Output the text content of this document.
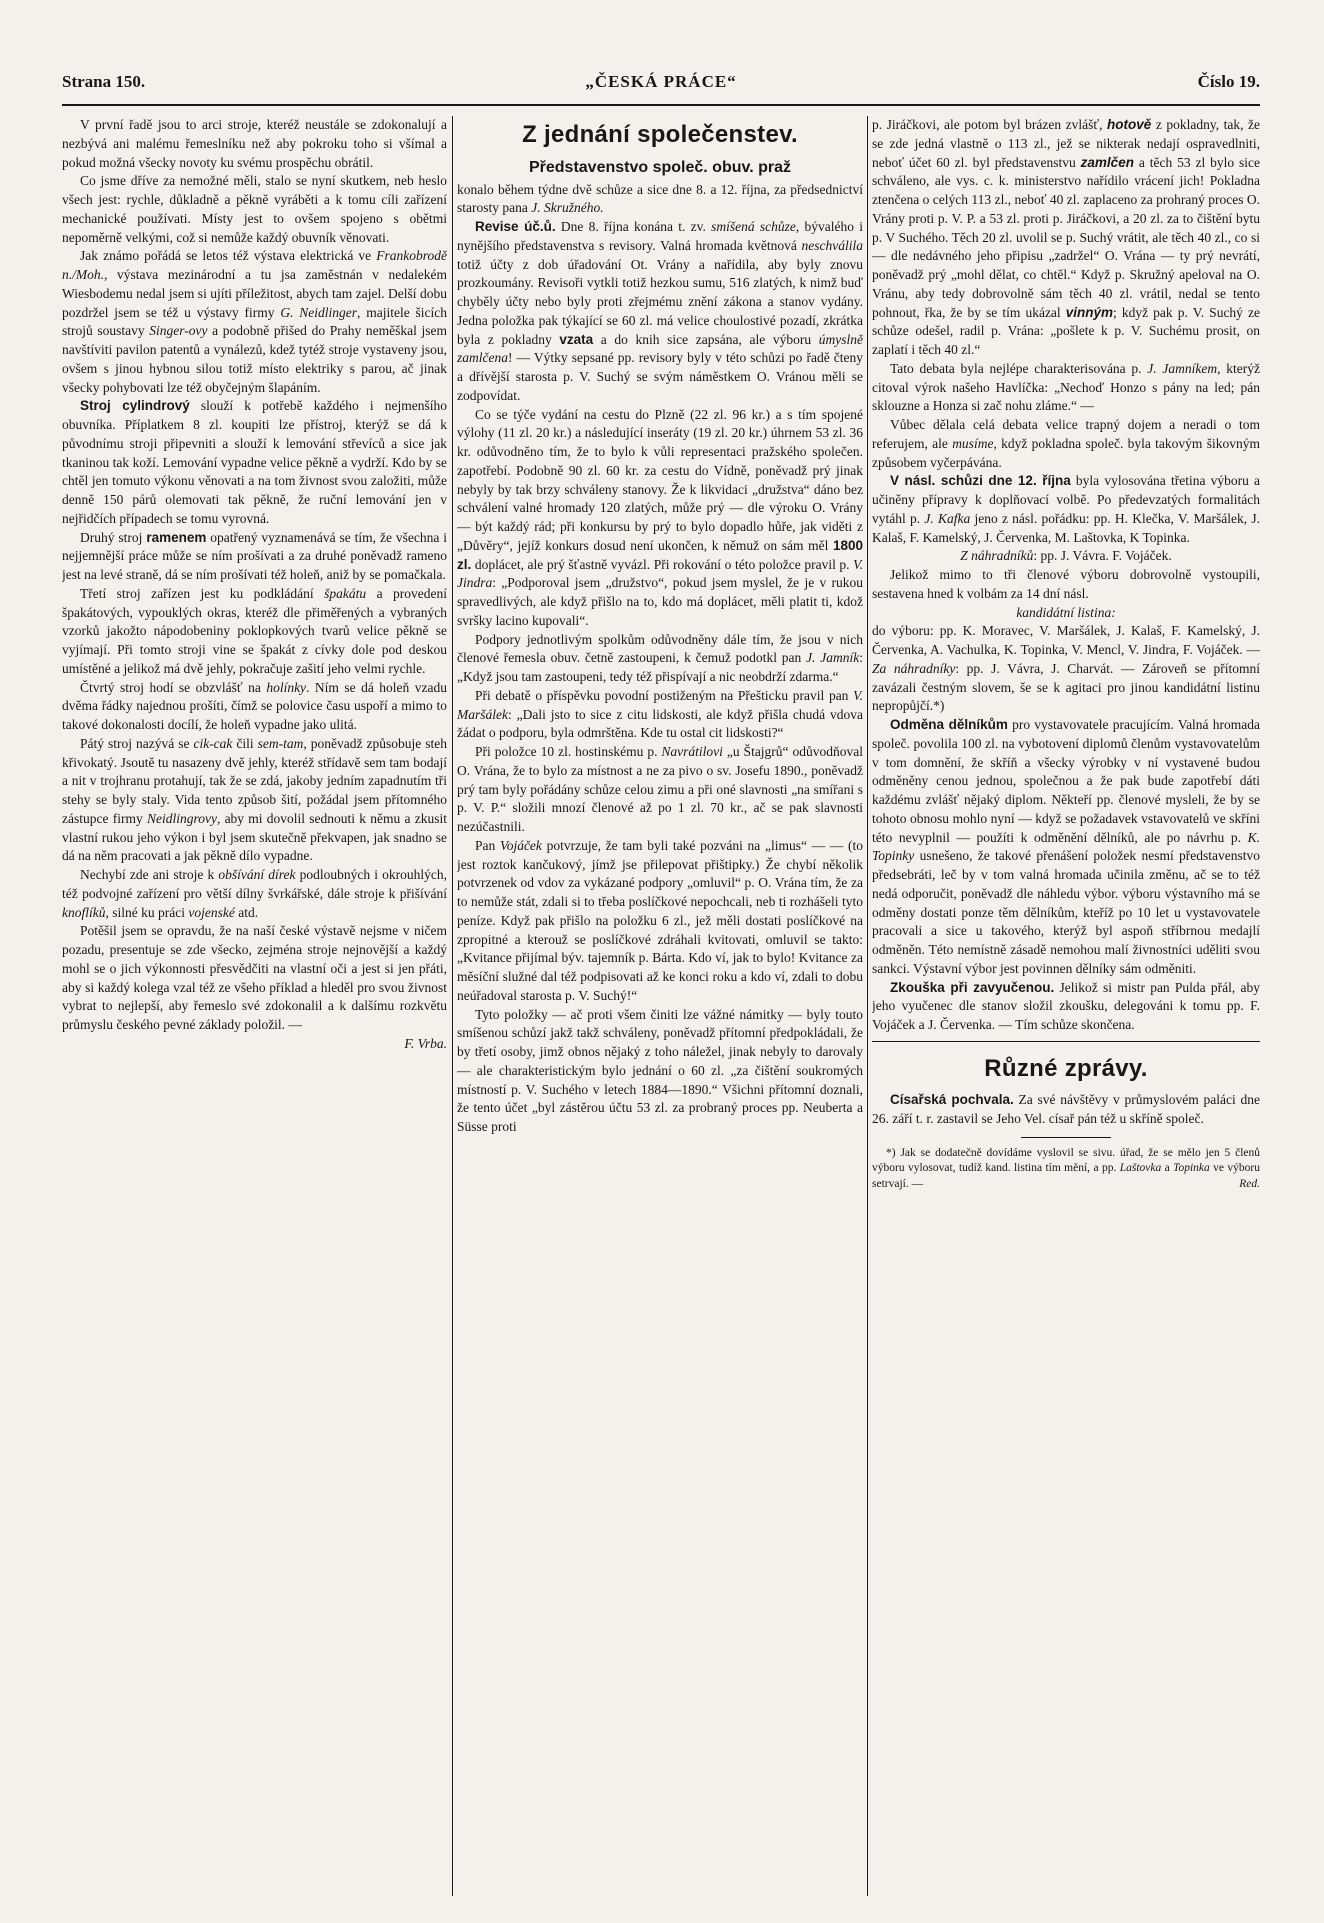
Strana 150.	„ČESKÁ PRÁCE“	Číslo 19.

V první řadě jsou to arci stroje, kteréž neustále se zdokonalují a nezbývá ani malému řemeslníku než aby pokroku toho si všímal a pokud možná všecky novoty ku svému prospěchu obrátil.

Co jsme dříve za nemožné měli, stalo se nyní skutkem, neb heslo všech jest: rychle, důkladně a pěkně vyráběti a k tomu cíli zařízení mechanické používati. Místy jest to ovšem spojeno s obětmi nepoměrně velkými, což si nemůže každý obuvník věnovati.

Jak známo pořádá se letos též výstava elektrická ve Frankobrodě n./Moh., výstava mezinárodní a tu jsa zaměstnán v nedalekém Wiesbodemu nedal jsem si ujíti příležitost, abych tam zajel. Delší dobu pozdržel jsem se též u výstavy firmy G. Neidlinger, majitele šicích strojů soustavy Singer-ovy a podobně přišed do Prahy neměškal jsem navštíviti pavilon patentů a vynálezů, kdež tytéž stroje vystaveny jsou, ovšem s jinou hybnou silou totiž místo elektriky s parou, ač jinak všecky pohybovati lze též obyčejným šlapáním.

Stroj cylindrový slouží k potřebě každého i nejmenšího obuvníka. Příplatkem 8 zl. koupiti lze přístroj, kterýž se dá k původnímu stroji připevniti a slouží k lemování střevíců a sice jak tkaninou tak koží. Lemování vypadne velice pěkně a vydrží. Kdo by se chtěl jen tomuto výkonu věnovati a na tom živnost svou založiti, může denně 150 párů olemovati tak pěkně, že ruční lemování jen v nejřidčích případech se tomu vyrovná.

Druhý stroj ramenem opatřený vyznamenává se tím, že všechna i nejjemnější práce může se ním prošívati a za druhé poněvadž rameno jest na levé straně, dá se ním prošívati též holeň, aniž by se pomačkala.

Třetí stroj zařízen jest ku podkládání špakátu a provedení špakátových, vypouklých okras, kteréž dle přiměřených a vybraných vzorků jakožto nápodobeniny poklopkových tvarů velice pěkně se vyjímají. Při tomto stroji vine se špakát z cívky dole pod deskou umístěné a jelikož má dvě jehly, pokračuje zašití jeho velmi rychle.

Čtvrtý stroj hodí se obzvlášť na holínky. Ním se dá holeň vzadu dvěma řádky najednou prošíti, čímž se polovice času uspoří a mimo to takové dokonalosti docílí, že holeň vypadne jako ulitá.

Pátý stroj nazývá se cik-cak čili sem-tam, poněvadž způsobuje steh křivokatý. Jsoutě tu nasazeny dvě jehly, kteréž střídavě sem tam bodají a nit v trojhranu protahují, tak že se zdá, jakoby jedním zapadnutím tři stehy se byly staly. Vida tento způsob šití, požádal jsem přítomného zástupce firmy Neidlingrovy, aby mi dovolil sednouti k němu a zkusit vlastní rukou jeho výkon i byl jsem skutečně překvapen, jak snadno se dá na něm pracovati a jak pěkně dílo vypadne.

Nechybí zde ani stroje k obšívání dírek podloubných i okrouhlých, též podvojné zařízení pro větší dílny švrkářské, dále stroje k přišívání knoflíků, silné ku práci vojenské atd.

Potěšil jsem se opravdu, že na naší české výstavě nejsme v ničem pozadu, presentuje se zde všecko, zejména stroje nejnovější a každý mohl se o jich výkonnosti přesvědčiti na vlastní oči a jest si jen přáti, aby si každý kolega vzal též ze všeho příklad a hleděl pro svou živnost vybrat to nejlepší, aby řemeslo své zdokonalil a k dalšímu rozkvětu průmyslu českého pevné základy položil. —

F. Vrba.

Z jednání společenstev.
Představenstvo společ. obuv. praž

konalo během týdne dvě schůze a sice dne 8. a 12. října, za předsednictví starosty pana J. Skružného.

Revise úč.ů. Dne 8. října konána t. zv. smíšená schůze, bývalého i nynějšího představenstva s revisory. Valná hromada květnová neschválila totiž účty z dob úřadování Ot. Vrány a nařídila, aby byly znovu prozkoumány. Revisoři vytkli totiž hezkou sumu, 516 zlatých, k nimž buď chyběly účty nebo byly proti zřejmému znění zákona a stanov vydány. Jedna položka pak týkající se 60 zl. má velice choulostivé pozadí, zkrátka byla z pokladny vzata a do knih sice zapsána, ale výboru úmyslně zamlčena! — Výtky sepsané pp. revisory byly v této schůzi po řadě čteny a dřívější starosta p. V. Suchý se svým náměstkem O. Vránou měli se zodpovídat.

Co se týče vydání na cestu do Plzně (22 zl. 96 kr.) a s tím spojené výlohy (11 zl. 20 kr.) a následující inseráty (19 zl. 20 kr.) úhrnem 53 zl. 36 kr. odůvodněno tím, že to bylo k vůli representaci pražského společen. zapotřebí. Podobně 90 zl. 60 kr. za cestu do Vídně, poněvadž prý jinak nebyly by tak brzy schváleny stanovy. Že k likvidaci „družstva“ dáno bez schválení valné hromady 120 zlatých, může prý — dle výroku O. Vrány — být každý rád; při konkursu by prý to bylo dopadlo hůře, jak viděti z „Důvěry“, jejíž konkurs dosud není ukončen, k němuž on sám měl 1800 zl. doplácet, ale prý šťastně vyvázl. Při rokování o této položce pravil p. V. Jindra: „Podporoval jsem „družstvo“, pokud jsem myslel, že je v rukou spravedlivých, ale když přišlo na to, kdo má doplácet, měli platit ti, kdož svršky lacino kupovali“.

Podpory jednotlivým spolkům odůvodněny dále tím, že jsou v nich členové řemesla obuv. četně zastoupeni, k čemuž podotkl pan J. Jamník: „Když jsou tam zastoupeni, tedy též přispívají a nic neobdrží zdarma.“

Při debatě o příspěvku povodní postiženým na Přešticku pravil pan V. Maršálek: „Dali jsto to sice z citu lidskosti, ale když přišla chudá vdova žádat o podporu, byla odmrštěna. Kde tu ostal cit lidskosti?“

Při položce 10 zl. hostinskému p. Navrátilovi „u Štajgrů“ odůvodňoval O. Vrána, že to bylo za místnost a ne za pivo o sv. Josefu 1890., poněvadž prý tam byly pořádány schůze celou zimu a při oné slavnosti „na smířani s p. V. P.“ složili mnozí členové až po 1 zl. 70 kr., ač se pak slavnosti nezúčastnili.

Pan Vojáček potvrzuje, že tam byli také pozváni na „limus“ — — (to jest roztok kančukový, jímž jse přilepovat přištipky.) Že chybí několik potvrzenek od vdov za vykázané podpory „omluvil“ p. O. Vrána tím, že za to nemůže stát, zdali si to třeba poslíčkové nepochcali, neb ti rozhášeli tyto peníze. Když pak přišlo na položku 6 zl., jež měli dostati poslíčkové na zpropitné a kterouž se poslíčkové zdráhali kvitovati, omluvil se takto: „Kvitance přijímal býv. tajemník p. Bárta. Kdo ví, jak to bylo! Kvitance za měsíční služné dal též podpisovati až ke konci roku a kdo ví, zdali to dobu neúřadoval starosta p. V. Suchý!“

Tyto položky — ač proti všem činiti lze vážné námitky — byly touto smíšenou schůzí jakž takž schváleny, poněvadž přítomní předpokládali, že by třetí osoby, jimž obnos nějaký z toho náležel, jinak nebyly to darovaly — ale charakteristickým bylo jednání o 60 zl. „za čištění soukromých místností p. V. Suchého v letech 1884—1890.“ Všichni přítomní doznali, že tento účet „byl zástěrou účtu 53 zl. za probraný proces pp. Neuberta a Süsse proti

p. Jiráčkovi, ale potom byl brázen zvlášť, hotově z pokladny, tak, že se zde jedná vlastně o 113 zl., jež se nikterak nedají ospravedlniti, neboť účet 60 zl. byl představenstvu zamlčen a těch 53 zl bylo sice schváleno, ale vys. c. k. ministerstvo nařídilo vrácení jich! Pokladna ztenčena o celých 113 zl., neboť 40 zl. zaplaceno za prohraný proces O. Vrány proti p. V. P. a 53 zl. proti p. Jiráčkovi, a 20 zl. za to čištění bytu p. V Suchého. Těch 20 zl. uvolil se p. Suchý vrátit, ale těch 40 zl., co si — dle nedávného jeho připisu „zadržel“ O. Vrána — ty prý nevrátí, poněvadž prý „mohl dělat, co chtěl.“ Když p. Skružný apeloval na O. Vránu, aby tedy dobrovolně sám těch 40 zl. vrátil, nedal se tento pohnout, řka, že by se tím ukázal vinným; když pak p. V. Suchý ze schůze odešel, radil p. Vrána: „pošlete k p. V. Suchému prosit, on zaplatí i těch 40 zl.“

Tato debata byla nejlépe charakterisována p. J. Jamníkem, kterýž citoval výrok našeho Havlíčka: „Nechoď Honzo s pány na led; pán sklouzne a Honza si zač nohu zláme.“ —

Vůbec dělala celá debata velice trapný dojem a neradi o tom referujem, ale musíme, když pokladna společ. byla takovým šikovným způsobem vyčerpávána.

V násl. schůzi dne 12. října byla vylosována třetina výboru a učiněny přípravy k doplňovací volbě. Po předevzatých formalitách vytáhl p. J. Kafka jeno z násl. pořádku: pp. H. Klečka, V. Maršálek, J. Kalaš, F. Kamelský, J. Červenka, M. Laštovka, K Topinka.

Z náhradníků: pp. J. Vávra. F. Vojáček.

Jelikož mimo to tři členové výboru dobrovolně vystoupili, sestavena hned k volbám za 14 dní násl.

kandidátní listina:

do výboru: pp. K. Moravec, V. Maršálek, J. Kalaš, F. Kamelský, J. Červenka, A. Vachulka, K. Topinka, V. Mencl, V. Jindra, F. Vojáček. — Za náhradníky: pp. J. Vávra, J. Charvát. — Zároveň se přítomní zavázali čestným slovem, še se k agitaci pro jinou kandidátní listinu nepropůjčí.*)

Odměna dělníkům pro vystavovatele pracujícím. Valná hromada společ. povolila 100 zl. na vybotovení diplomů členům vystavovatelům v tom domnění, že skříň a všecky výrobky v ní vystavené budou odměněny cenou jednou, společnou a že pak bude zapotřebí dáti každému zvlášť nějaký diplom. Někteří pp. členové mysleli, že by se tohoto obnosu mohlo nyní — když se požadavek vstavovatelů ve skříni této nevyplnil — použíti k odměnění dělníků, ale po návrhu p. K. Topinky usnešeno, že takové přenášení položek nesmí představenstvo předsebráti, leč by v tom valná hromada učinila změnu, ač se to též nedá odporučit, poněvadž dle náhledu výbor. výboru výstavního má se odměny dostati ponze těm dělníkům, kteříž po 10 let u vystavovatele pracovali a sice u takového, kterýž byl aspoň stříbrnou medajlí odměněn. Této nemístně zásadě nemohou malí živnostníci uděliti svou sankci. Výstavní výbor jest povinnen dělníky sám odměniti.

Zkouška při zavyučenou. Jelikož si mistr pan Pulda přál, aby jeho vyučenec dle stanov složil zkoušku, delegováni k tomu pp. F. Vojáček a J. Červenka. — Tím schůze skončena.

Různé zprávy.

Císařská pochvala. Za své návštěvy v průmyslovém paláci dne 26. září t. r. zastavil se Jeho Vel. císař pán též u skříně společ.

*) Jak se dodatečně dovídáme vyslovil se sivu. úřad, že se mělo jen 5 členů výboru vylosovat, tudíž kand. listina tím mění, a pp. Laštovka a Topinka ve výboru setrvají. —	Red.
